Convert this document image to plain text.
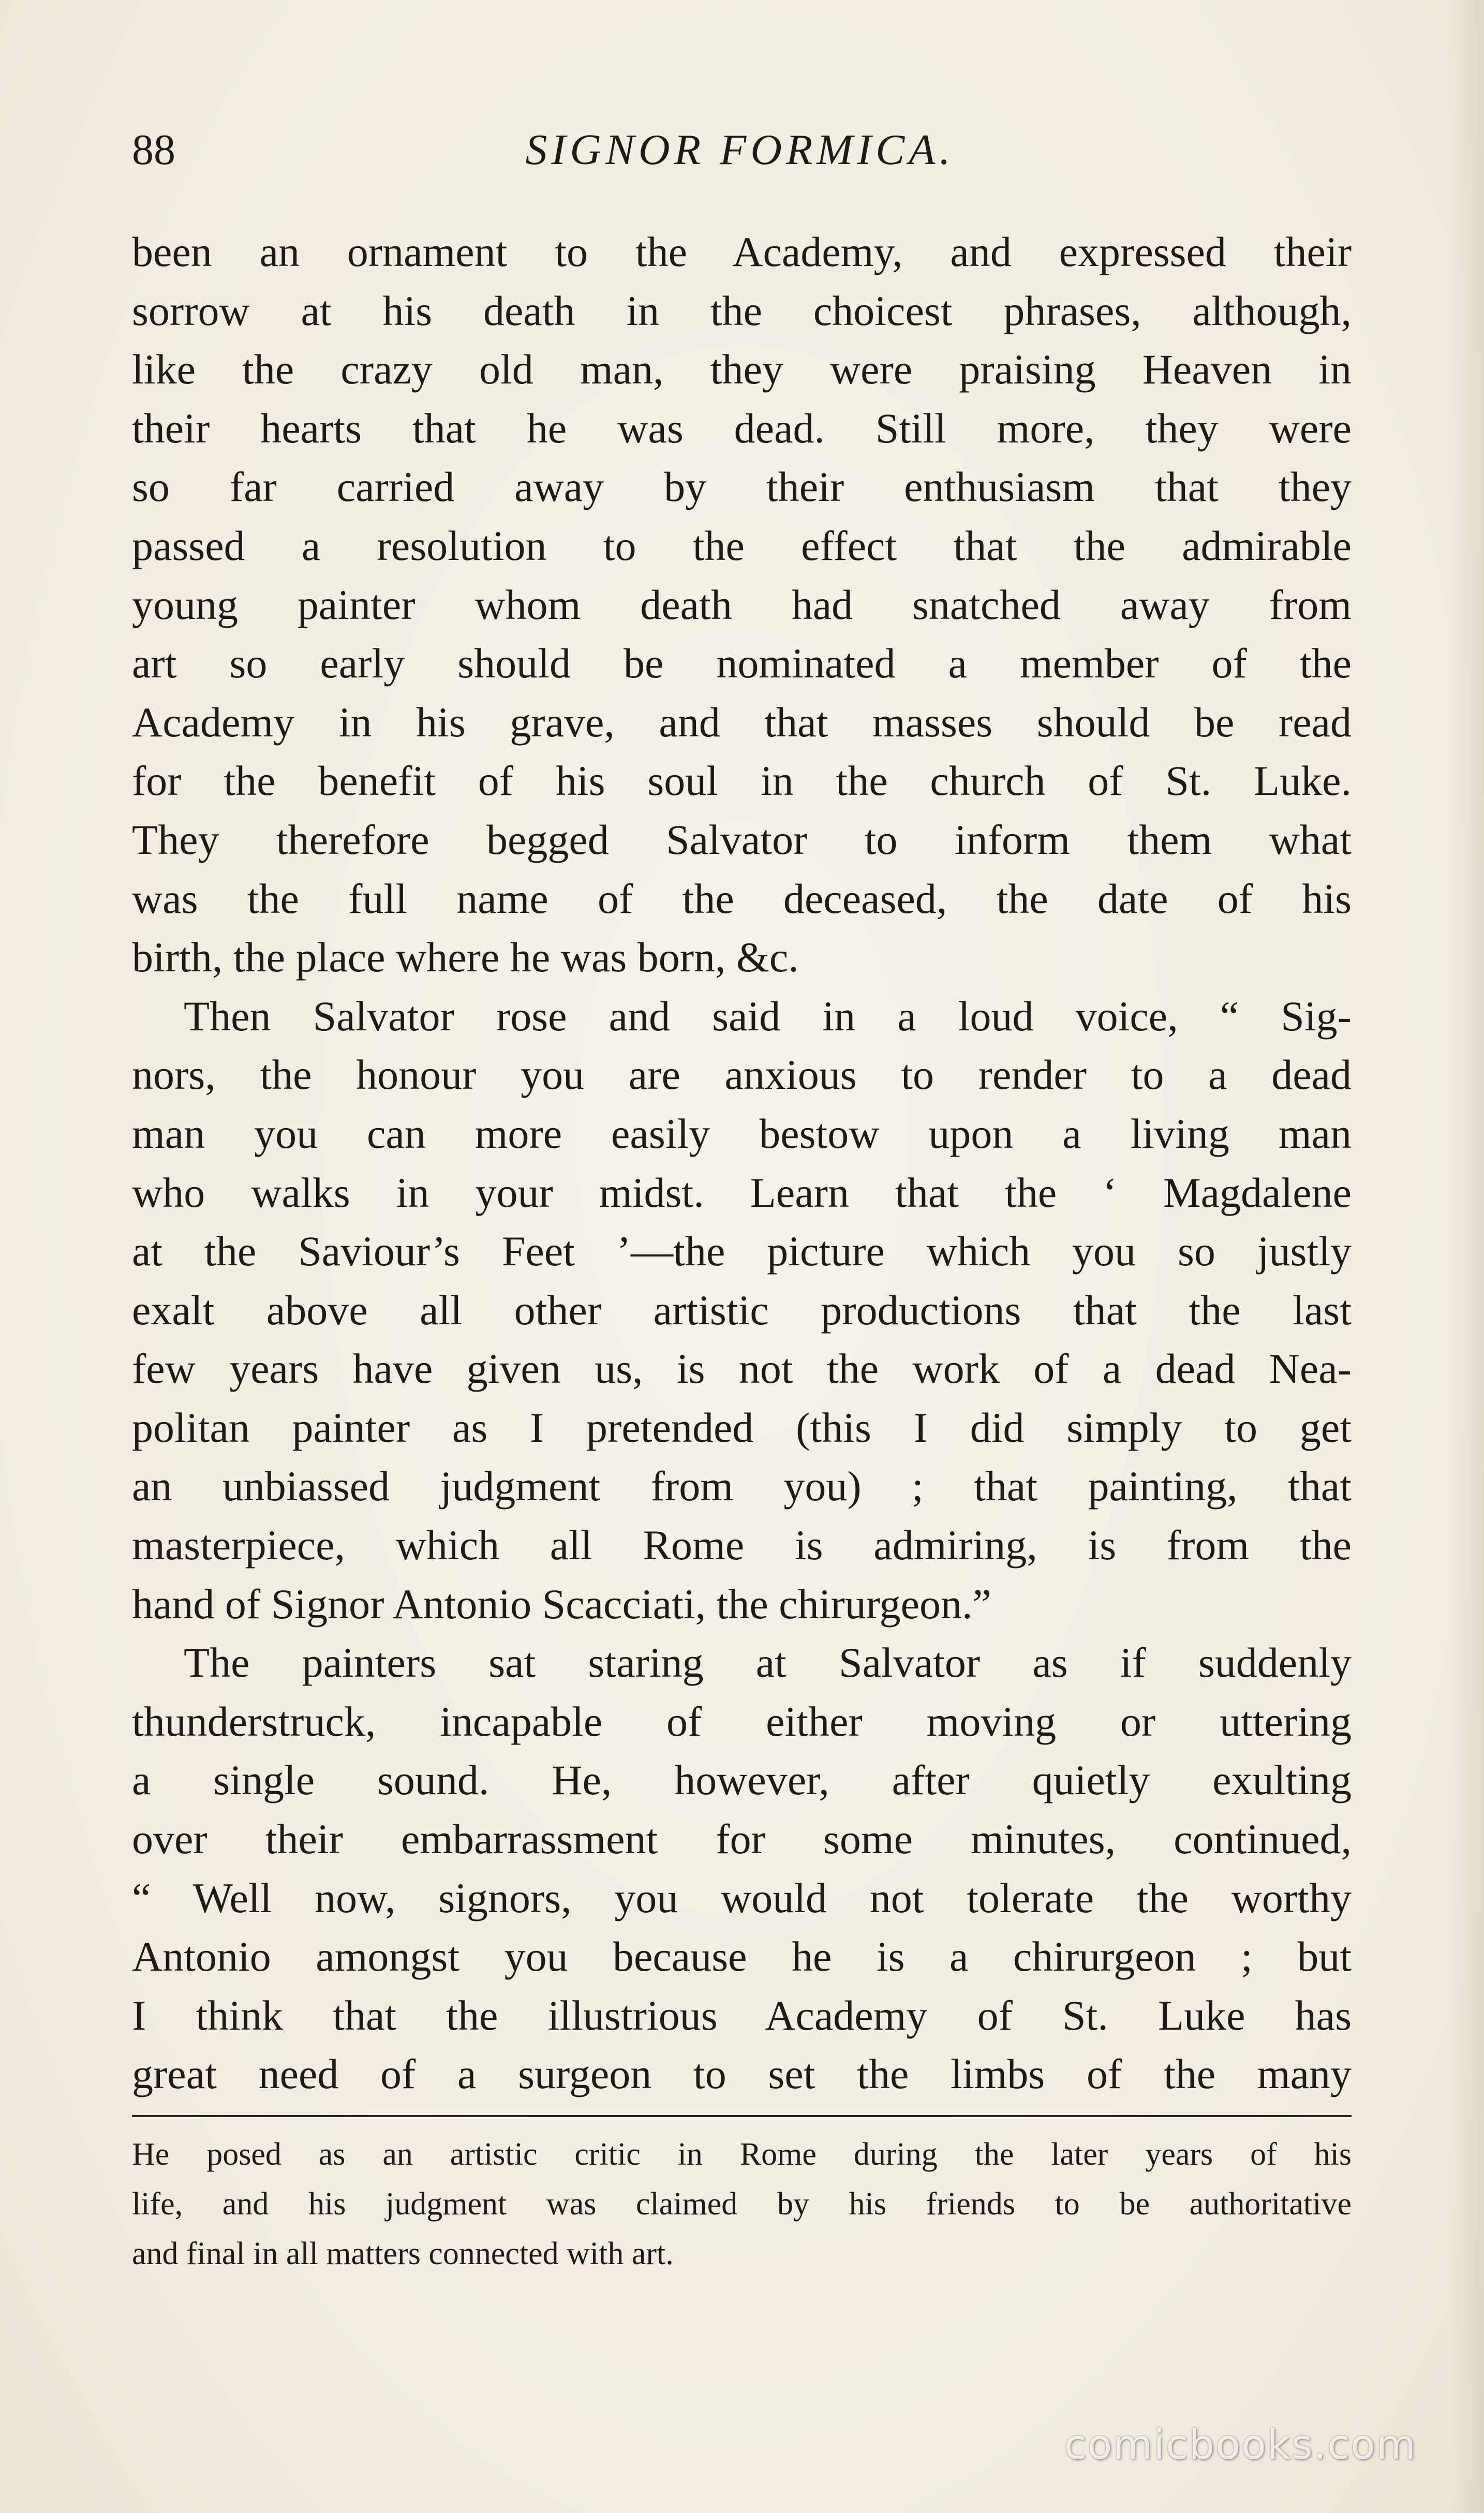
88	SIGNOR FORMICA.

been an ornament to the Academy, and expressed their

sorrow at his death in the choicest phrases, although,

like the crazy old man, they were praising Heaven in

their hearts that he was dead. Still more, they were

so far carried away by their enthusiasm that they

passed a resolution to the effect that the admirable

young painter whom death had snatched away from

art so early should be nominated a member of the

Academy in his grave, and that masses should be read

for the benefit of his soul in the church of St. Luke.

They therefore begged Salvator to inform them what

was the full name of the deceased, the date of his

birth, the place where he was born, &c.

Then Salvator rose and said in a loud voice, “ Sig-

nors, the honour you are anxious to render to a dead

man you can more easily bestow upon a living man

who walks in your midst. Learn that the ‘ Magdalene

at the Saviour’s Feet ’—the picture which you so justly

exalt above all other artistic productions that the last

few years have given us, is not the work of a dead Nea-

politan painter as I pretended (this I did simply to get

an unbiassed judgment from you) ; that painting, that

masterpiece, which all Rome is admiring, is from the

hand of Signor Antonio Scacciati, the chirurgeon.”

The painters sat staring at Salvator as if suddenly

thunderstruck, incapable of either moving or uttering

a single sound. He, however, after quietly exulting

over their embarrassment for some minutes, continued,

“ Well now, signors, you would not tolerate the worthy

Antonio amongst you because he is a chirurgeon ; but

I think that the illustrious Academy of St. Luke has

great need of a surgeon to set the limbs of the many

He posed as an artistic critic in Rome during the later years of his

life, and his judgment was claimed by his friends to be authoritative

and final in all matters connected with art.

comicbooks.com
